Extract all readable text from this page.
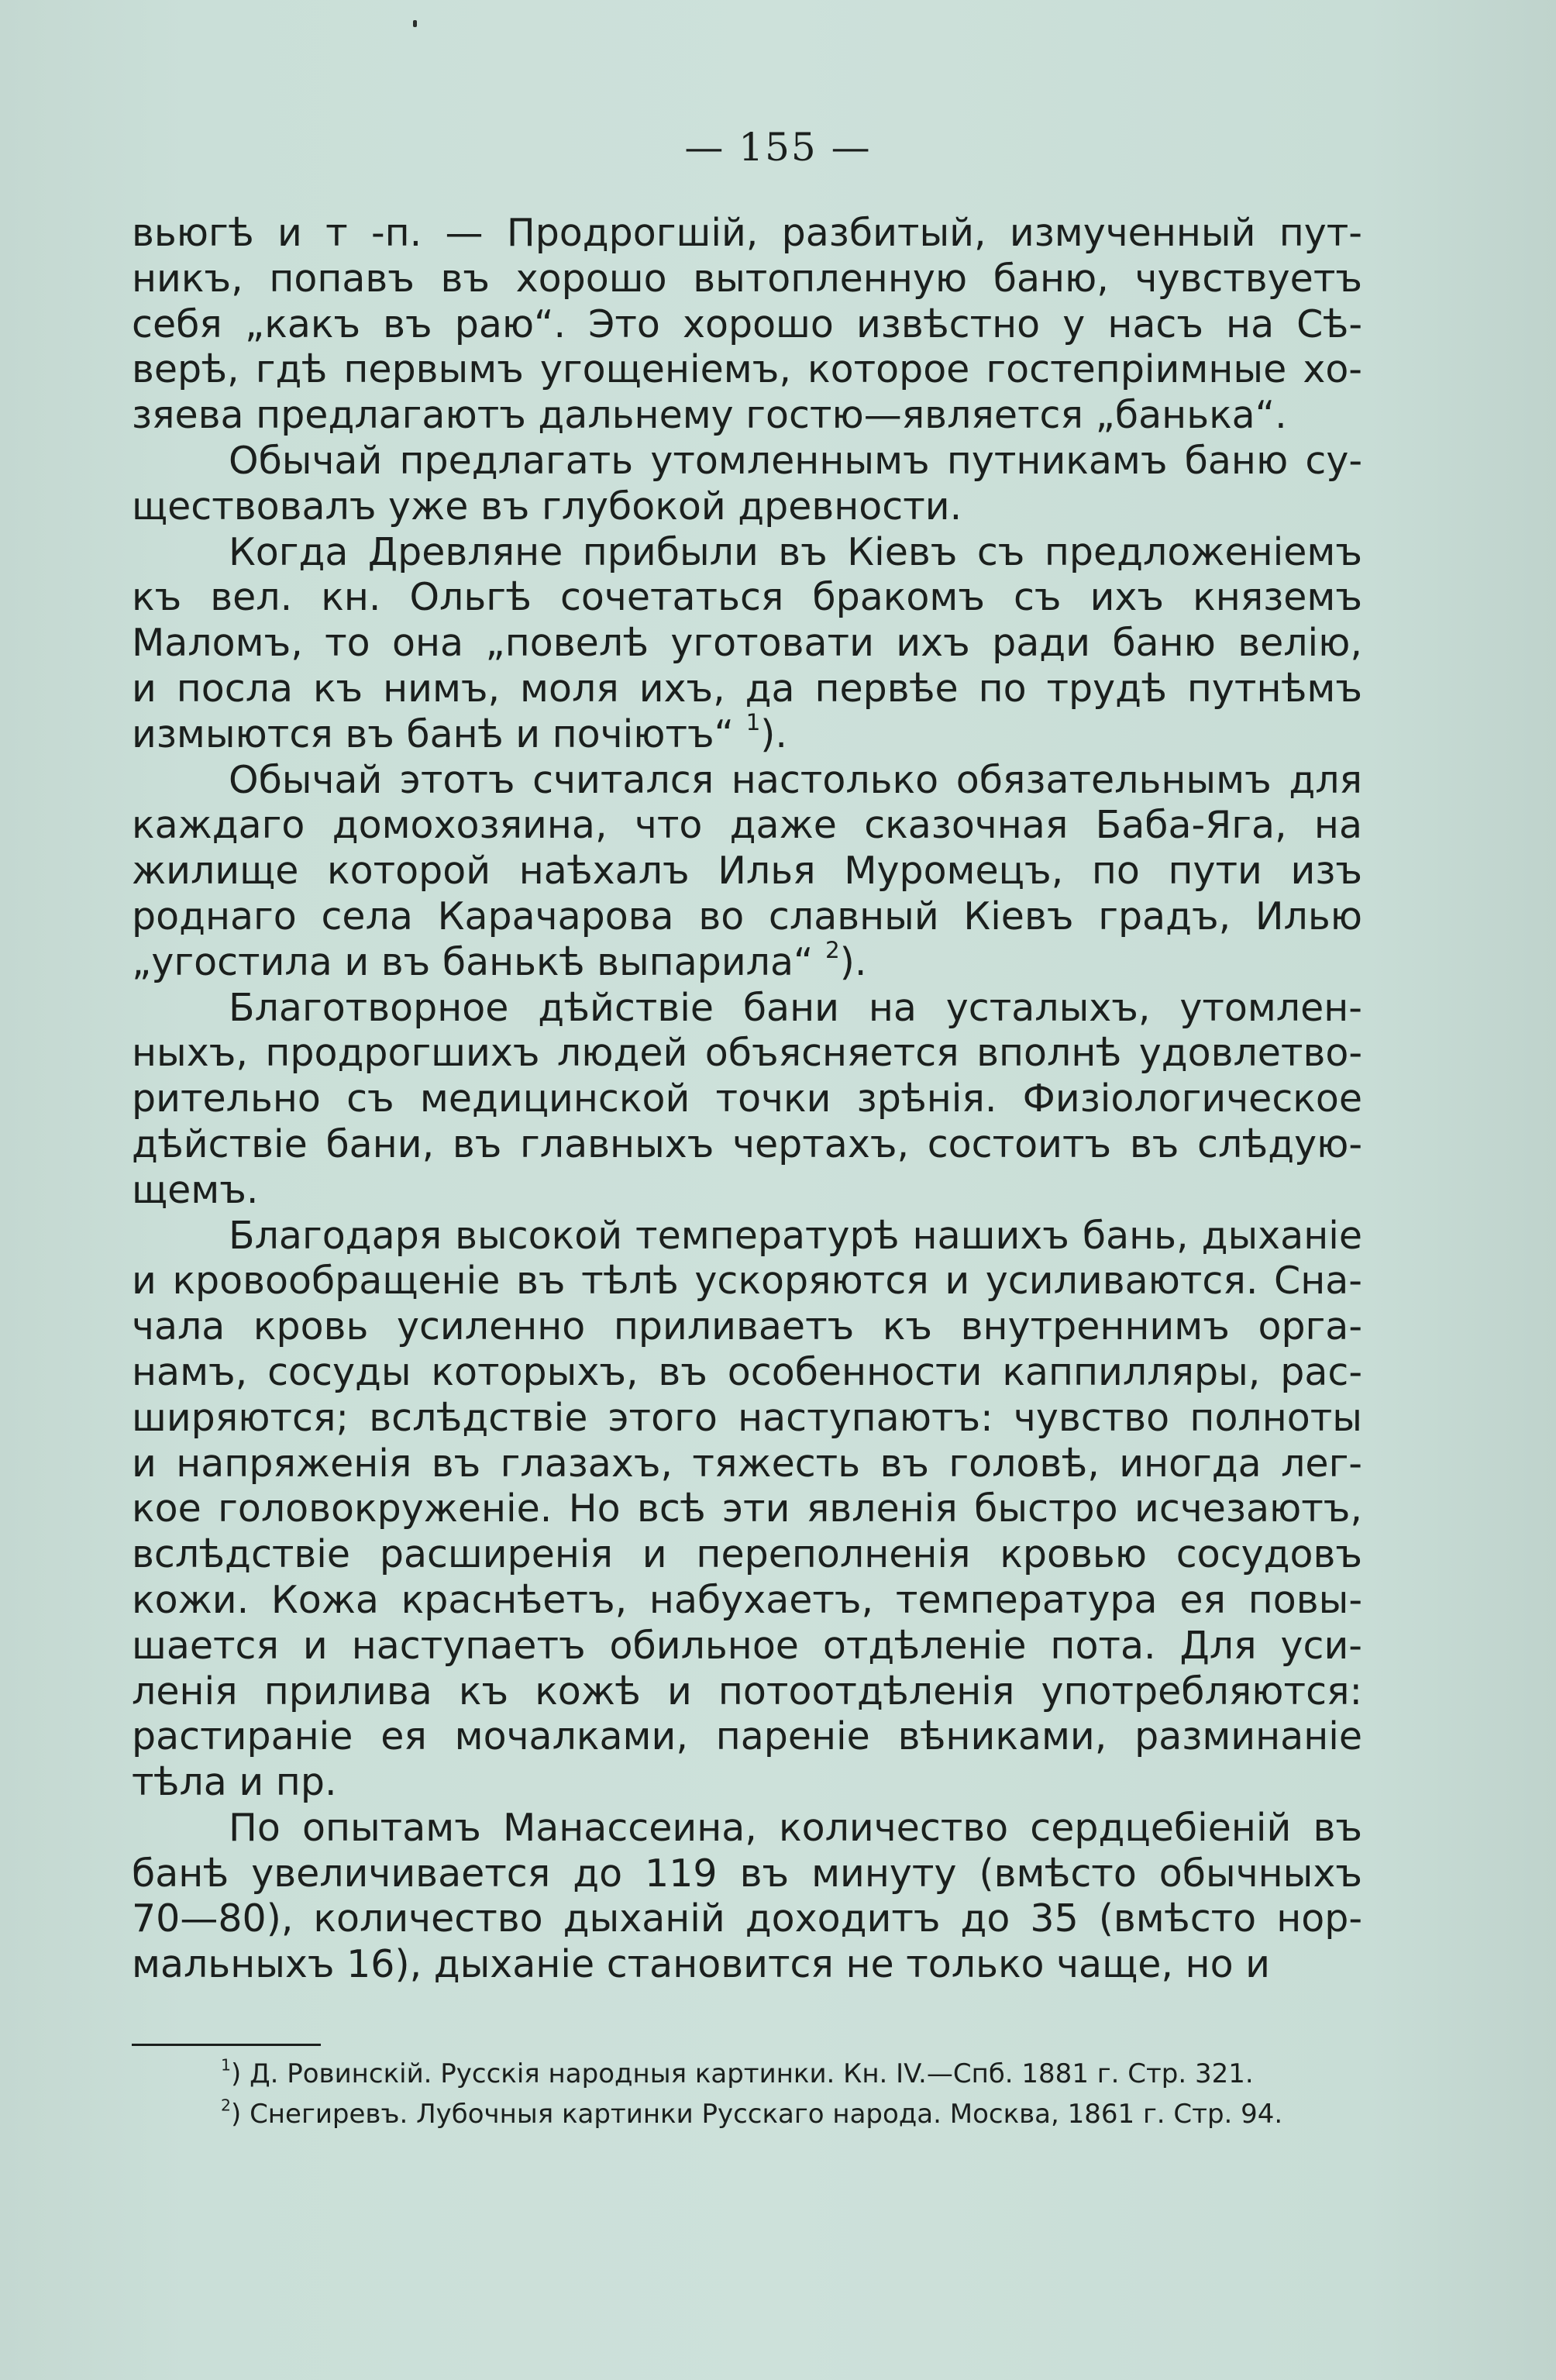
— 155 —

вьюгѣ и т -п. — Продрогшій, разбитый, измученный пут-
никъ, попавъ въ хорошо вытопленную баню, чувствуетъ
себя „какъ въ раю“. Это хорошо извѣстно у насъ на Сѣ-
верѣ, гдѣ первымъ угощеніемъ, которое гостепріимные хо-
зяева предлагаютъ дальнему гостю—является „банька“.

Обычай предлагать утомленнымъ путникамъ баню су-
ществовалъ уже въ глубокой древности.

Когда Древляне прибыли въ Кіевъ съ предложеніемъ
къ вел. кн. Ольгѣ сочетаться бракомъ съ ихъ княземъ
Маломъ, то она „повелѣ уготовати ихъ ради баню велію,
и посла къ нимъ, моля ихъ, да первѣе по трудѣ путнѣмъ
измыются въ банѣ и почіютъ“ $^1$).

Обычай этотъ считался настолько обязательнымъ для
каждаго домохозяина, что даже сказочная Баба-Яга, на
жилище которой наѣхалъ Илья Муромецъ, по пути изъ
роднаго села Карачарова во славный Кіевъ градъ, Илью
„угостила и въ банькѣ выпарила“ $^2$).

Благотворное дѣйствіе бани на усталыхъ, утомлен-
ныхъ, продрогшихъ людей объясняется вполнѣ удовлетво-
рительно съ медицинской точки зрѣнія. Физіологическое
дѣйствіе бани, въ главныхъ чертахъ, состоитъ въ слѣдую-
щемъ.

Благодаря высокой температурѣ нашихъ бань, дыханіе
и кровообращеніе въ тѣлѣ ускоряются и усиливаются. Сна-
чала кровь усиленно приливаетъ къ внутреннимъ орга-
намъ, сосуды которыхъ, въ особенности каппилляры, рас-
ширяются; вслѣдствіе этого наступаютъ: чувство полноты
и напряженія въ глазахъ, тяжесть въ головѣ, иногда лег-
кое головокруженіе. Но всѣ эти явленія быстро исчезаютъ,
вслѣдствіе расширенія и переполненія кровью сосудовъ
кожи. Кожа краснѣетъ, набухаетъ, температура ея повы-
шается и наступаетъ обильное отдѣленіе пота. Для уси-
ленія прилива къ кожѣ и потоотдѣленія употребляются:
растираніе ея мочалками, пареніе вѣниками, разминаніе
тѣла и пр.

По опытамъ Манассеина, количество сердцебіеній въ
банѣ увеличивается до 119 въ минуту (вмѣсто обычныхъ
70—80), количество дыханій доходитъ до 35 (вмѣсто нор-
мальныхъ 16), дыханіе становится не только чаще, но и

$^1$) Д. Ровинскій. Русскія народныя картинки. Кн. IV.—Спб. 1881 г. Стр. 321.

$^2$) Снегиревъ. Лубочныя картинки Русскаго народа. Москва, 1861 г. Стр. 94.
